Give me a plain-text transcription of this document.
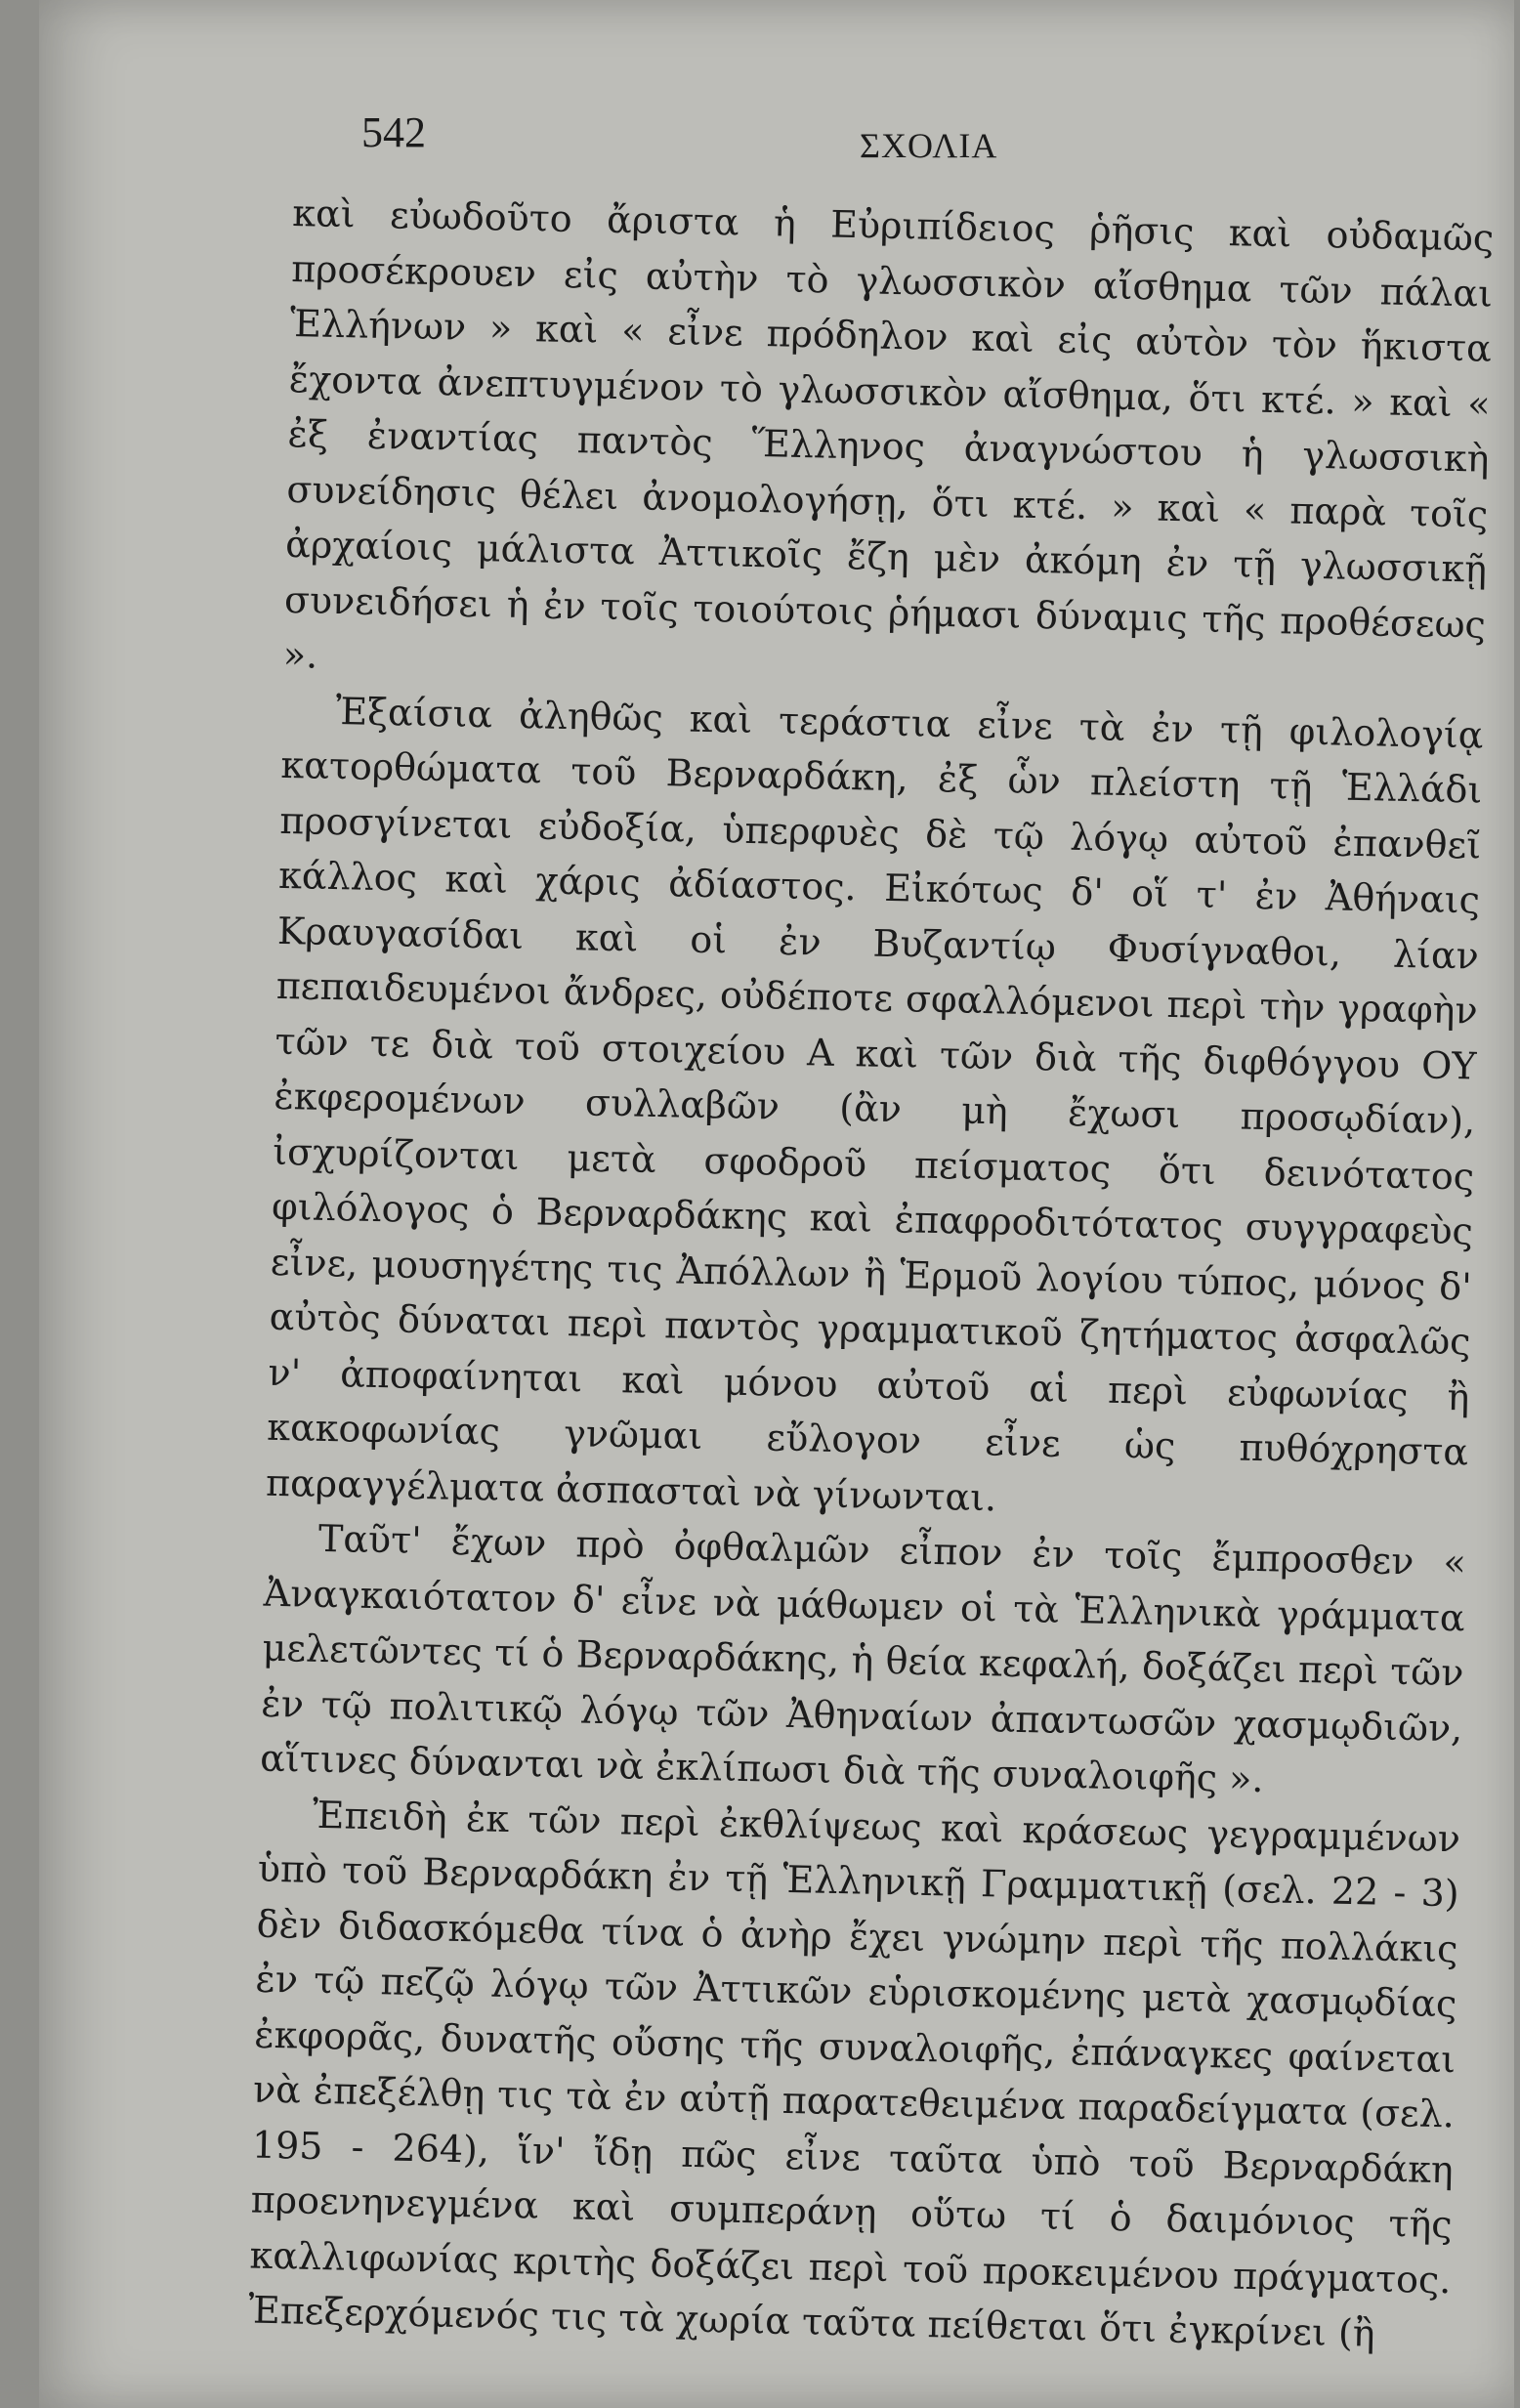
542	ΣΧΟΛΙΑ

καὶ εὐωδοῦτο ἄριστα ἡ Εὐριπίδειος ῥῆσις καὶ οὐδαμῶς προσέκρουεν εἰς αὐτὴν τὸ γλωσσικὸν αἴσθημα τῶν πάλαι Ἑλλήνων » καὶ « εἶνε πρόδηλον καὶ εἰς αὐτὸν τὸν ἥκιστα ἔχοντα ἀνεπτυγμένον τὸ γλωσσικὸν αἴσθημα, ὅτι κτέ. » καὶ « ἐξ ἐναντίας παντὸς Ἕλληνος ἀναγνώστου ἡ γλωσσικὴ συνείδησις θέλει ἀνομολογήσῃ, ὅτι κτέ. » καὶ « παρὰ τοῖς ἀρχαίοις μάλιστα Ἀττικοῖς ἔζη μὲν ἀκόμη ἐν τῇ γλωσσικῇ συνειδήσει ἡ ἐν τοῖς τοιούτοις ῥήμασι δύναμις τῆς προθέσεως ».

Ἐξαίσια ἀληθῶς καὶ τεράστια εἶνε τὰ ἐν τῇ φιλολογίᾳ κατορθώματα τοῦ Βερναρδάκη, ἐξ ὧν πλείστη τῇ Ἑλλάδι προσγίνεται εὐδοξία, ὑπερφυὲς δὲ τῷ λόγῳ αὐτοῦ ἐπανθεῖ κάλλος καὶ χάρις ἀδίαστος. Εἰκότως δ' οἵ τ' ἐν Ἀθήναις Κραυγασίδαι καὶ οἱ ἐν Βυζαντίῳ Φυσίγναθοι, λίαν πεπαιδευμένοι ἄνδρες, οὐδέποτε σφαλλόμενοι περὶ τὴν γραφὴν τῶν τε διὰ τοῦ στοιχείου Α καὶ τῶν διὰ τῆς διφθόγγου ΟΥ ἐκφερομένων συλλαβῶν (ἂν μὴ ἔχωσι προσῳδίαν), ἰσχυρίζονται μετὰ σφοδροῦ πείσματος ὅτι δεινότατος φιλόλογος ὁ Βερναρδάκης καὶ ἐπαφροδιτότατος συγγραφεὺς εἶνε, μουσηγέτης τις Ἀπόλλων ἢ Ἑρμοῦ λογίου τύπος, μόνος δ' αὐτὸς δύναται περὶ παντὸς γραμματικοῦ ζητήματος ἀσφαλῶς ν' ἀποφαίνηται καὶ μόνου αὐτοῦ αἱ περὶ εὐφωνίας ἢ κακοφωνίας γνῶμαι εὔλογον εἶνε ὡς πυθόχρηστα παραγγέλματα ἀσπασταὶ νὰ γίνωνται.

Ταῦτ' ἔχων πρὸ ὀφθαλμῶν εἶπον ἐν τοῖς ἔμπροσθεν « Ἀναγκαιότατον δ' εἶνε νὰ μάθωμεν οἱ τὰ Ἑλληνικὰ γράμματα μελετῶντες τί ὁ Βερναρδάκης, ἡ θεία κεφαλή, δοξάζει περὶ τῶν ἐν τῷ πολιτικῷ λόγῳ τῶν Ἀθηναίων ἀπαντωσῶν χασμῳδιῶν, αἵτινες δύνανται νὰ ἐκλίπωσι διὰ τῆς συναλοιφῆς ».

Ἐπειδὴ ἐκ τῶν περὶ ἐκθλίψεως καὶ κράσεως γεγραμμένων ὑπὸ τοῦ Βερναρδάκη ἐν τῇ Ἑλληνικῇ Γραμματικῇ (σελ. 22 - 3) δὲν διδασκόμεθα τίνα ὁ ἀνὴρ ἔχει γνώμην περὶ τῆς πολλάκις ἐν τῷ πεζῷ λόγῳ τῶν Ἀττικῶν εὑρισκομένης μετὰ χασμῳδίας ἐκφορᾶς, δυνατῆς οὔσης τῆς συναλοιφῆς, ἐπάναγκες φαίνεται νὰ ἐπεξέλθῃ τις τὰ ἐν αὐτῇ παρατεθειμένα παραδείγματα (σελ. 195 - 264), ἵν' ἴδῃ πῶς εἶνε ταῦτα ὑπὸ τοῦ Βερναρδάκη προενηνεγμένα καὶ συμπεράνῃ οὕτω τί ὁ δαιμόνιος τῆς καλλιφωνίας κριτὴς δοξάζει περὶ τοῦ προκειμένου πράγματος. Ἐπεξερχόμενός τις τὰ χωρία ταῦτα πείθεται ὅτι ἐγκρίνει (ἢ
